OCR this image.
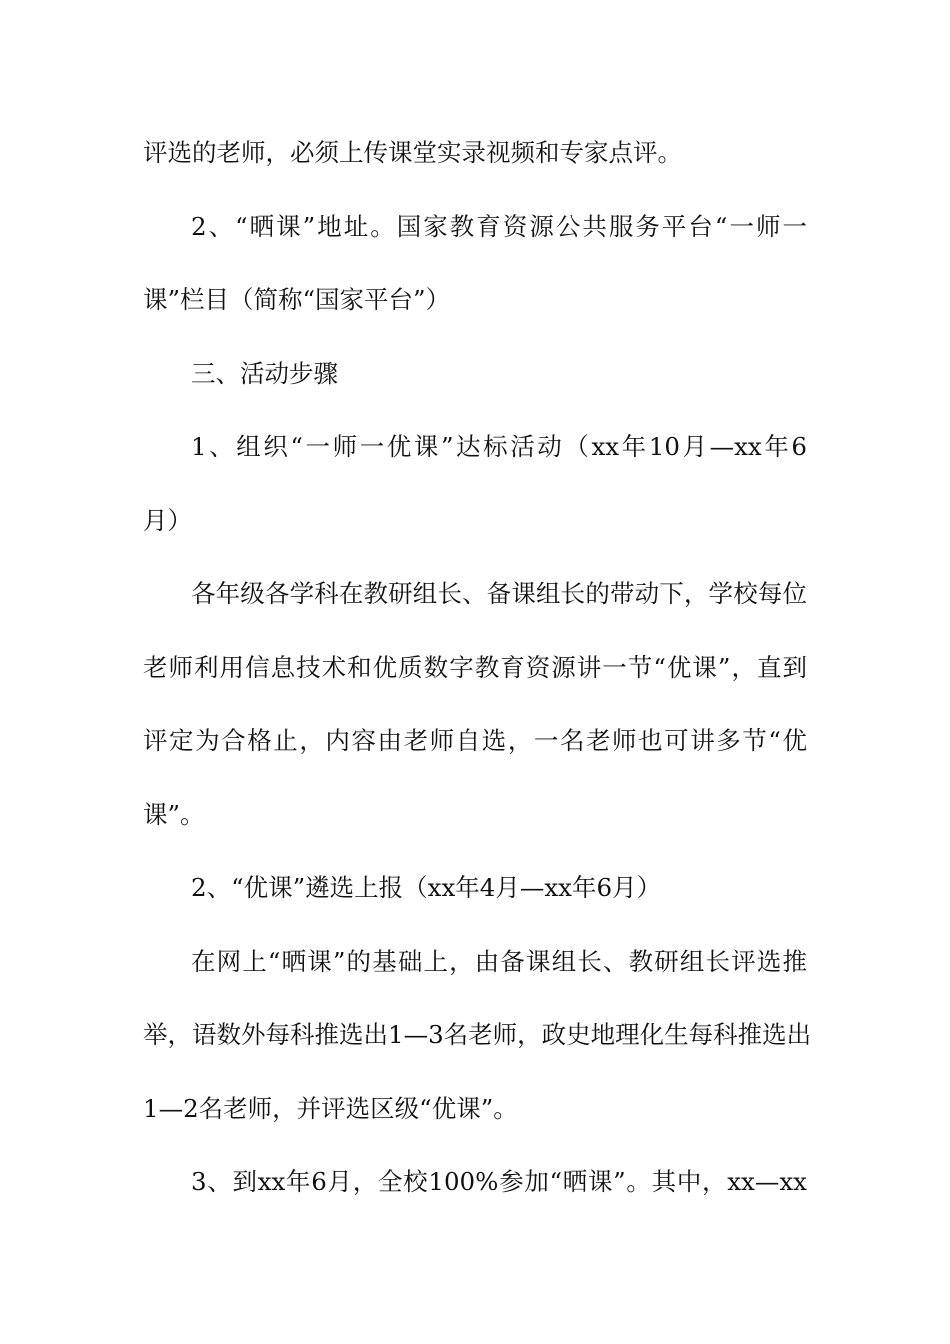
评选的老师，必须上传课堂实录视频和专家点评。
2、“晒课”地址。国家教育资源公共服务平台“一师一
课”栏目（简称“国家平台”）
三、活动步骤
1、组织“一师一优课”达标活动（xx年10月—xx年6
月）
各年级各学科在教研组长、备课组长的带动下，学校每位
老师利用信息技术和优质数字教育资源讲一节“优课”，直到
评定为合格止，内容由老师自选，一名老师也可讲多节“优
课”。
2、“优课”遴选上报（xx年4月—xx年6月）
在网上“晒课”的基础上，由备课组长、教研组长评选推
举，语数外每科推选出1—3名老师，政史地理化生每科推选出
1—2名老师，并评选区级“优课”。
3、到xx年6月，全校100%参加“晒课”。其中，xx—xx
